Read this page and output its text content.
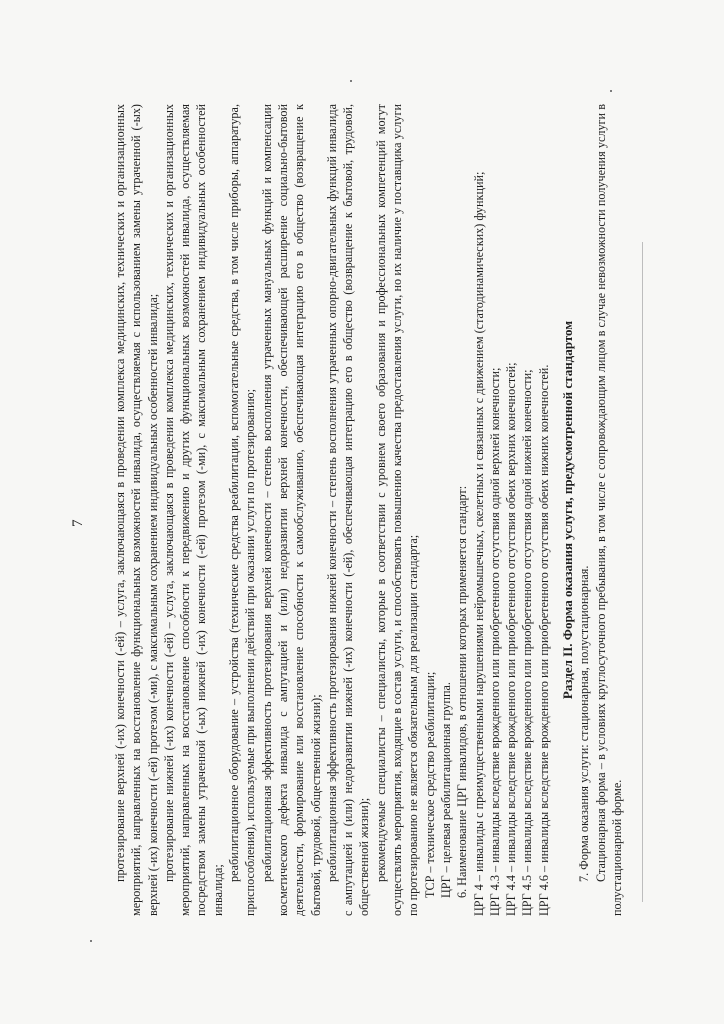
7 протезирование верхней (-их) конечности (-ей) – услуга, заключающаяся в проведении комплекса медицинских, технических и организационных мероприятий, направленных на восстановление функциональных возможностей инвалида, осуществляемая с использованием замены утраченной (-ых) верхней (-их) конечности (-ей) протезом (-ми), с максимальным сохранением индивидуальных особенностей инвалида; протезирование нижней (-их) конечности (-ей) – услуга, заключающаяся в проведении комплекса медицинских, технических и организационных мероприятий, направленных на восстановление способности к передвижению и других функциональных возможностей инвалида, осуществляемая посредством замены утраченной (-ых) нижней (-их) конечности (-ей) протезом (-ми), с максимальным сохранением индивидуальных особенностей инвалида;

реабилитационное оборудование – устройства (технические средства реабилитации, вспомогательные средства, в том числе приборы, аппаратура, приспособления), используемые при выполнении действий при оказании услуги по протезированию; реабилитационная эффективность протезирования верхней конечности – степень восполнения утраченных мануальных функций и компенсации косметического дефекта инвалида с ампутацией и (или) недоразвитии верхней конечности, обеспечивающей расширение социально-бытовой деятельности, формирование или восстановление способности к самообслуживанию, обеспечивающая интеграцию его в общество (возвращение к бытовой, трудовой, общественной жизни); реабилитационная эффективность протезирования нижней конечности – степень восполнения утраченных опорно-двигательных функций инвалида с ампутацией и (или) недоразвитии нижней (-их) конечности (-ей), обеспечивающая интеграцию его в общество (возвращение к бытовой, трудовой, общественной жизни); рекомендуемые специалисты – специалисты, которые в соответствии с уровнем своего образования и профессиональных компетенций могут осуществлять мероприятия, входящие в состав услуги, и способствовать повышению качества предоставления услуги, но их наличие у поставщика услуги по протезированию не является обязательным для реализации стандарта; ТСР – техническое средство реабилитации; ЦРГ – целевая реабилитационная группа. 6. Наименование ЦРГ инвалидов, в отношении которых применяется стандарт: ЦРГ 4 – инвалиды с преимущественными нарушениями нейромышечных, скелетных и связанных с движением (статодинамических) функций; ЦРГ 4.3 – инвалиды вследствие врожденного или приобретенного отсутствия одной верхней конечности; ЦРГ 4.4 – инвалиды вследствие врожденного или приобретенного отсутствия обеих верхних конечностей; ЦРГ 4.5 – инвалиды вследствие врожденного или приобретенного отсутствия одной нижней конечности; ЦРГ 4.6 – инвалиды вследствие врожденного или приобретенного отсутствия обеих нижних конечностей. Раздел II. Форма оказания услуги, предусмотренной стандартом

7. Форма оказания услуги: стационарная, полустационарная. Стационарная форма – в условиях круглосуточного пребывания, в том числе с сопровождающим лицом в случае невозможности получения услуги в полустационарной форме.
